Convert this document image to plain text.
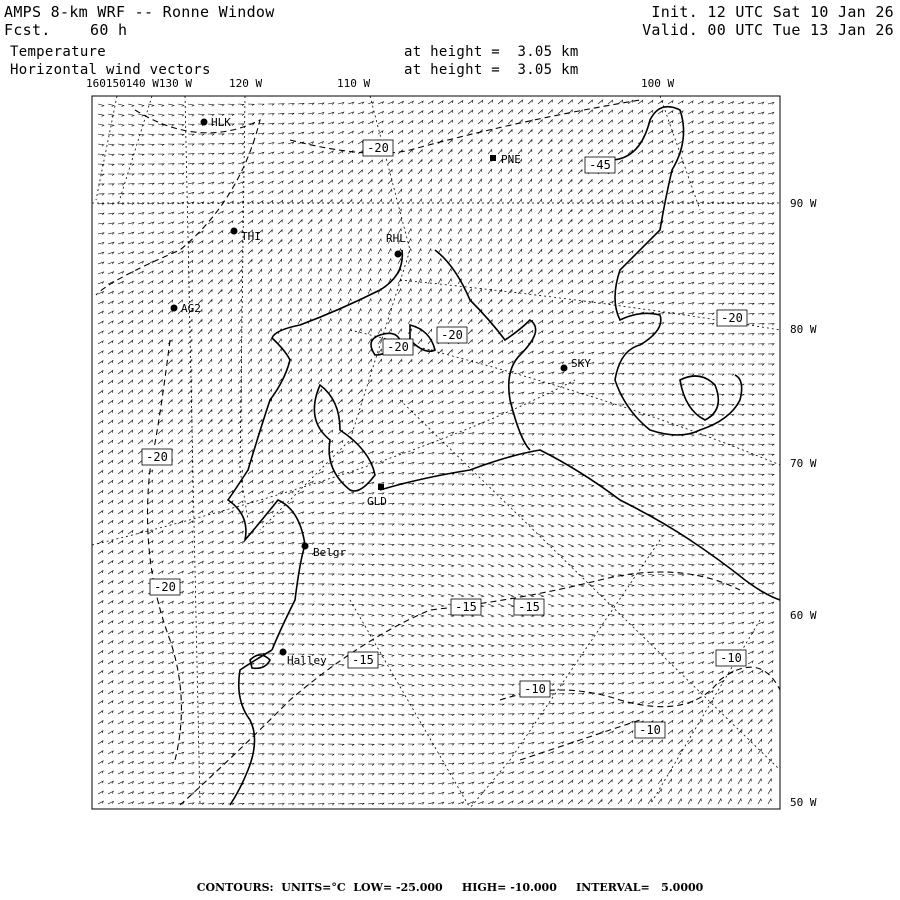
AMPS 8-km WRF -- Ronne Window
Fcst.	60 h
Init. 12 UTC Sat 10 Jan 26
Valid. 00 UTC Tue 13 Jan 26
Temperature
Horizontal wind vectors
at height =  3.05 km
at height =  3.05 km
160150140 W130 W	120 W	110 W	100 W
-20
-45
-20
-20
-20
-20
-20
-15	-15
-15	-10
-10
-10
90 W
80 W
70 W
60 W
50 W
HLK
PNE
THI	RHL
AG2
SKY
GLD
Belgr
Halley
CONTOURS:  UNITS=°C  LOW= -25.000     HIGH= -10.000     INTERVAL=   5.0000
